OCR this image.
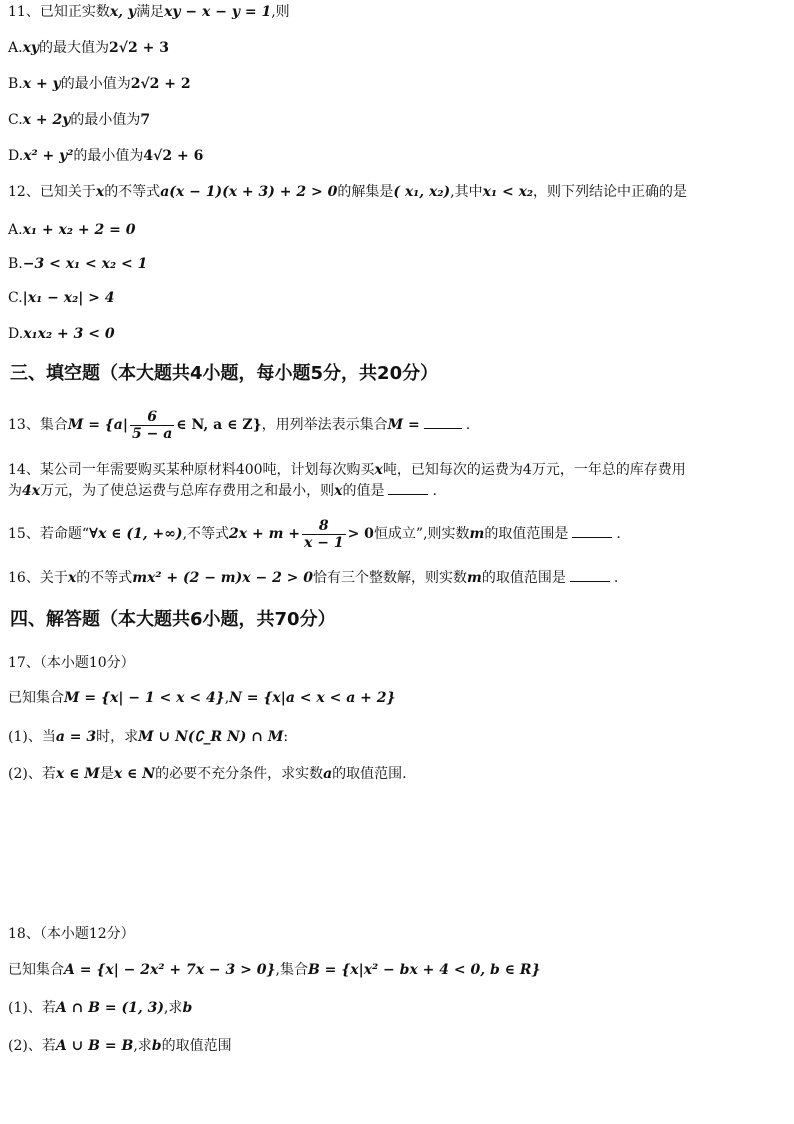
11、已知正实数x, y满足xy − x − y = 1,则
A.xy的最大值为2√2 + 3
B.x + y的最小值为2√2 + 2
C.x + 2y的最小值为7
D.x² + y²的最小值为4√2 + 6
12、已知关于x的不等式a(x − 1)(x + 3) + 2 > 0的解集是( x₁, x₂),其中x₁ < x₂，则下列结论中正确的是
A.x₁ + x₂ + 2 = 0
B.−3 < x₁ < x₂ < 1
C.|x₁ − x₂| > 4
D.x₁x₂ + 3 < 0
三、填空题（本大题共4小题，每小题5分，共20分）
13、集合$M = \{a| \frac{6}{5 - a}$ ∈ N, a ∈ Z}，用列举法表示集合M =	.
14、某公司一年需要购买某种原材料400吨，计划每次购买x吨，已知每次的运费为4万元，一年总的库存费用
为4x万元，为了使总运费与总库存费用之和最小，则x的值是	.
15、若命题“∀x ∈ (1, +∞),不等式$2x + m + \frac{8}{x - 1} > 0$恒成立”,则实数m的取值范围是	.
16、关于x的不等式mx² + (2 − m)x − 2 > 0恰有三个整数解，则实数m的取值范围是	.
四、解答题（本大题共6小题，共70分）
17、（本小题10分）
已知集合M = {x| − 1 < x < 4},N = {x|a < x < a + 2}
(1)、当a = 3时，求M ∪ N(∁_R N) ∩ M:
(2)、若x ∈ M是x ∈ N的必要不充分条件，求实数a的取值范围.
18、（本小题12分）
已知集合A = {x| − 2x² + 7x − 3 > 0},集合B = {x|x² − bx + 4 < 0, b ∈ R}
(1)、若A ∩ B = (1, 3),求b
(2)、若A ∪ B = B,求b的取值范围
